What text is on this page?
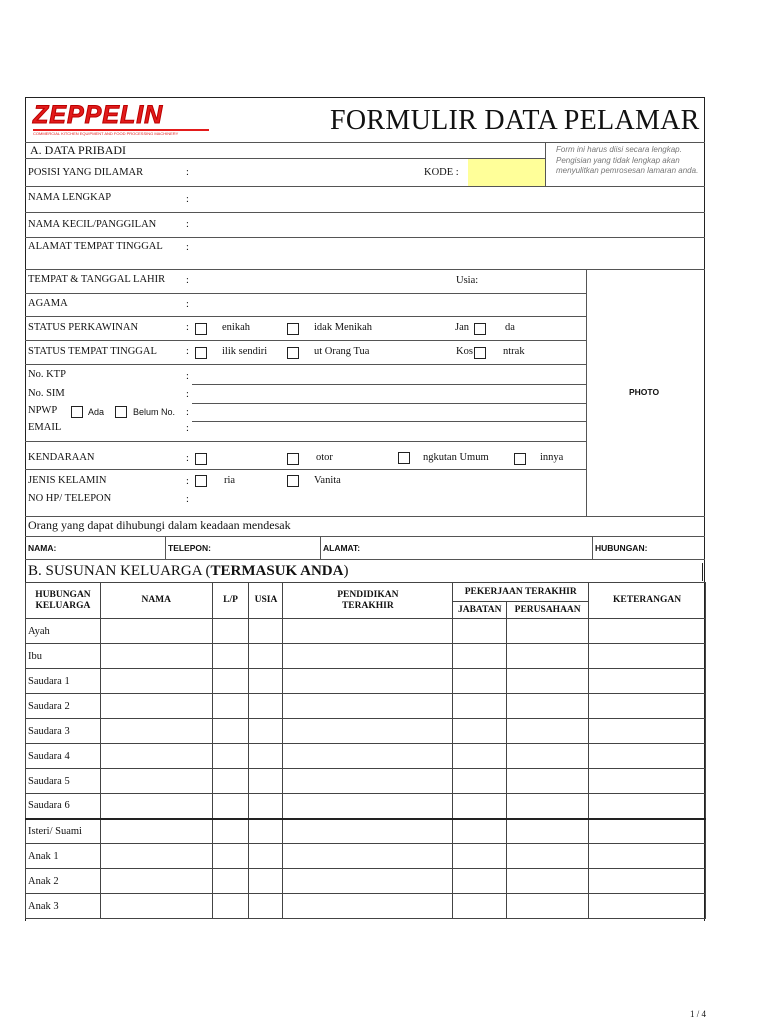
ZEPPELIN
COMMERCIAL KITCHEN EQUIPMENT AND FOOD PROCESSING MACHINERY	FORMULIR DATA PELAMAR
A. DATA PRIBADI	Form ini harus diisi secara lengkap.
Pengisian yang tidak lengkap akan
menyulitkan pemrosesan lamaran anda.
POSISI YANG DILAMAR	:	KODE :
NAMA LENGKAP	:
NAMA KECIL/PANGGILAN	:
ALAMAT TEMPAT TINGGAL :
PHOTO
TEMPAT & TANGGAL LAHIR :	Usia:
AGAMA	:
STATUS PERKAWINAN	:	enikah	idak Menikah	Jan	da
STATUS TEMPAT TINGGAL	:	ilik sendiri	ut Orang Tua	Kos	ntrak
No. KTP	:
No. SIM	:
NPWP	Ada	Belum No. :
EMAIL	:
KENDARAAN	:	otor	ngkutan Umum	innya
JENIS KELAMIN	:	ria	Vanita
NO HP/ TELEPON	:
Orang yang dapat dihubungi dalam keadaan mendesak
NAMA:	TELEPON:	ALAMAT:	HUBUNGAN:
B. SUSUNAN KELUARGA (TERMASUK ANDA)
HUBUNGAN KELUARGA	NAMA	L/P	USIA	PENDIDIKAN TERAKHIR	PEKERJAAN TERAKHIR		KETERANGAN
					JABATAN	PERUSAHAAN	
Ayah							
Ibu							
Saudara 1							
Saudara 2							
Saudara 3							
Saudara 4							
Saudara 5							
Saudara 6							
Isteri/ Suami							
Anak 1							
Anak 2							
Anak 3							
1 / 4
